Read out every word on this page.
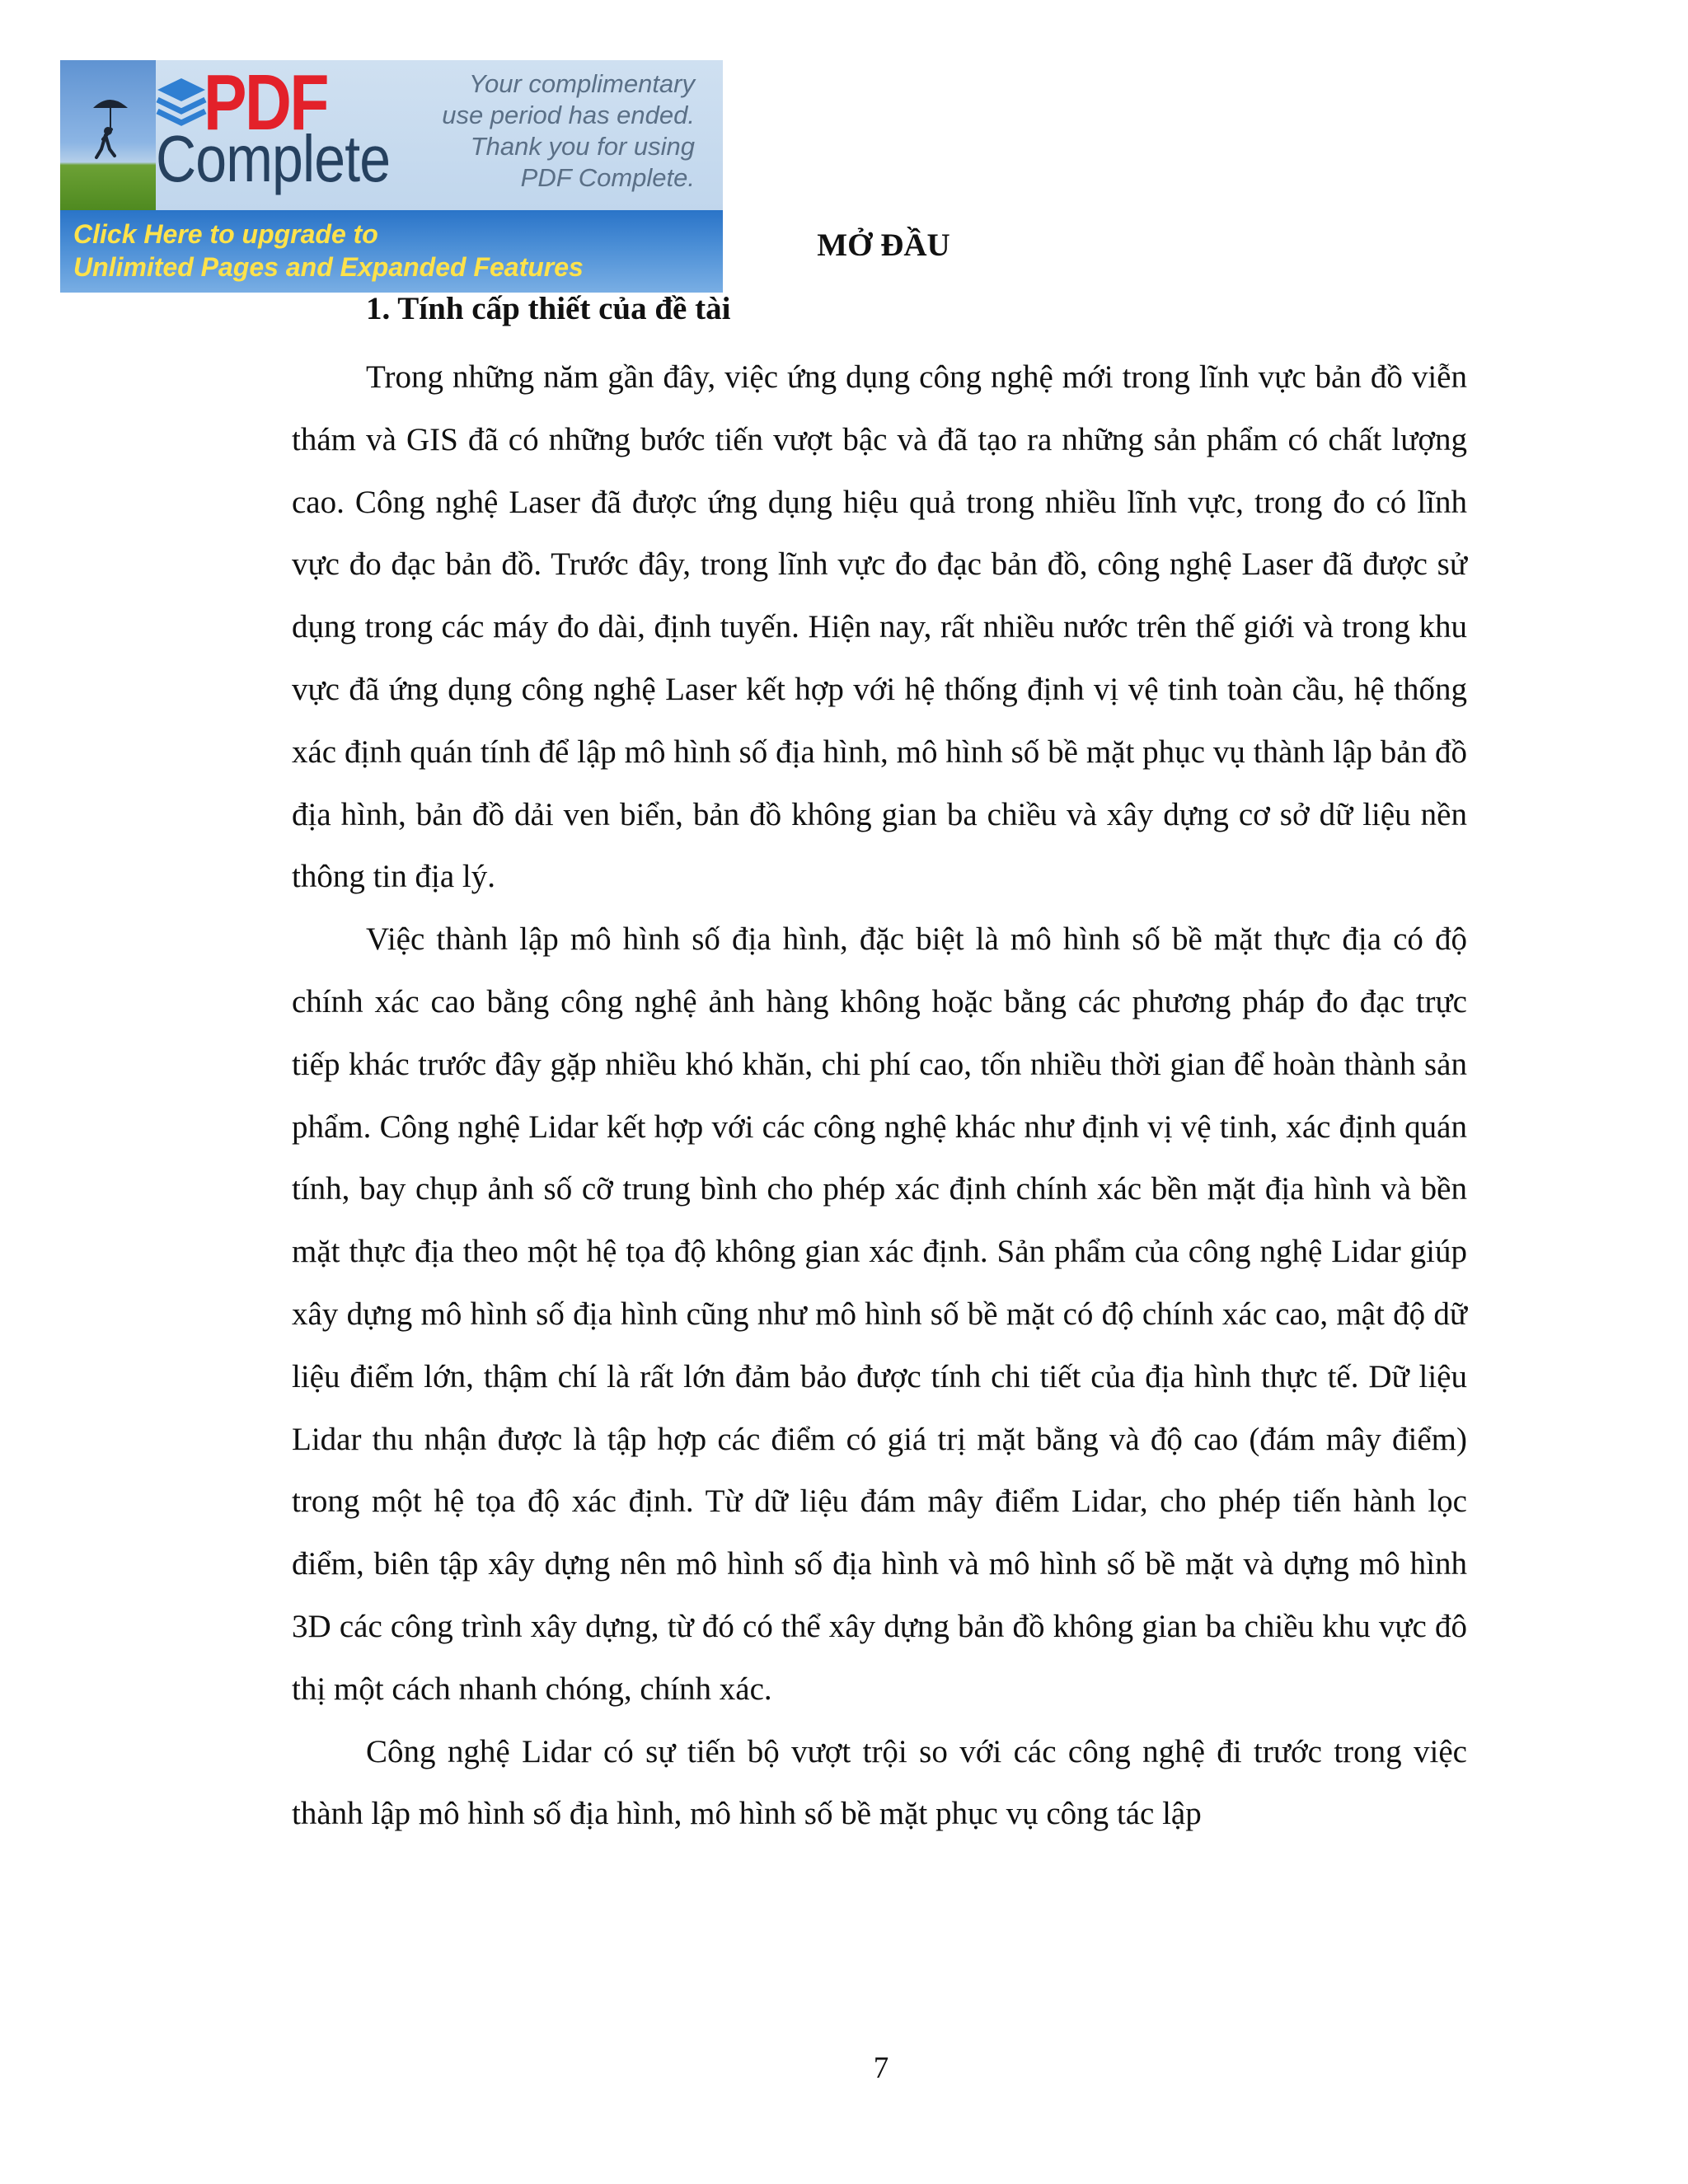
PDF
Complete
Your complimentary
use period has ended.
Thank you for using
PDF Complete.
Click Here to upgrade to
Unlimited Pages and Expanded Features
MỞ ĐẦU
1. Tính cấp thiết của đề tài

Trong những năm gần đây, việc ứng dụng công nghệ mới trong lĩnh vực bản đồ viễn thám và GIS đã có những bước tiến vượt bậc và đã tạo ra những sản phẩm có chất lượng cao. Công nghệ Laser đã được ứng dụng hiệu quả trong nhiều lĩnh vực, trong đo có lĩnh vực đo đạc bản đồ. Trước đây, trong lĩnh vực đo đạc bản đồ, công nghệ Laser đã được sử dụng trong các máy đo dài, định tuyến. Hiện nay, rất nhiều nước trên thế giới và trong khu vực đã ứng dụng công nghệ Laser kết hợp với hệ thống định vị vệ tinh toàn cầu, hệ thống xác định quán tính để lập mô hình số địa hình, mô hình số bề mặt phục vụ thành lập bản đồ địa hình, bản đồ dải ven biển, bản đồ không gian ba chiều và xây dựng cơ sở dữ liệu nền thông tin địa lý.

Việc thành lập mô hình số địa hình, đặc biệt là mô hình số bề mặt thực địa có độ chính xác cao bằng công nghệ ảnh hàng không hoặc bằng các phương pháp đo đạc trực tiếp khác trước đây gặp nhiều khó khăn, chi phí cao, tốn nhiều thời gian để hoàn thành sản phẩm. Công nghệ Lidar kết hợp với các công nghệ khác như định vị vệ tinh, xác định quán tính, bay chụp ảnh số cỡ trung bình cho phép xác định chính xác bền mặt địa hình và bền mặt thực địa theo một hệ tọa độ không gian xác định. Sản phẩm của công nghệ Lidar giúp xây dựng mô hình số địa hình cũng như mô hình số bề mặt có độ chính xác cao, mật độ dữ liệu điểm lớn, thậm chí là rất lớn đảm bảo được tính chi tiết của địa hình thực tế. Dữ liệu Lidar thu nhận được là tập hợp các điểm có giá trị mặt bằng và độ cao (đám mây điểm) trong một hệ tọa độ xác định. Từ dữ liệu đám mây điểm Lidar, cho phép tiến hành lọc điểm, biên tập xây dựng nên mô hình số địa hình và mô hình số bề mặt và dựng mô hình 3D các công trình xây dựng, từ đó có thể xây dựng bản đồ không gian ba chiều khu vực đô thị một cách nhanh chóng, chính xác.

Công nghệ Lidar có sự tiến bộ vượt trội so với các công nghệ đi trước trong việc thành lập mô hình số địa hình, mô hình số bề mặt phục vụ công tác lập

7
